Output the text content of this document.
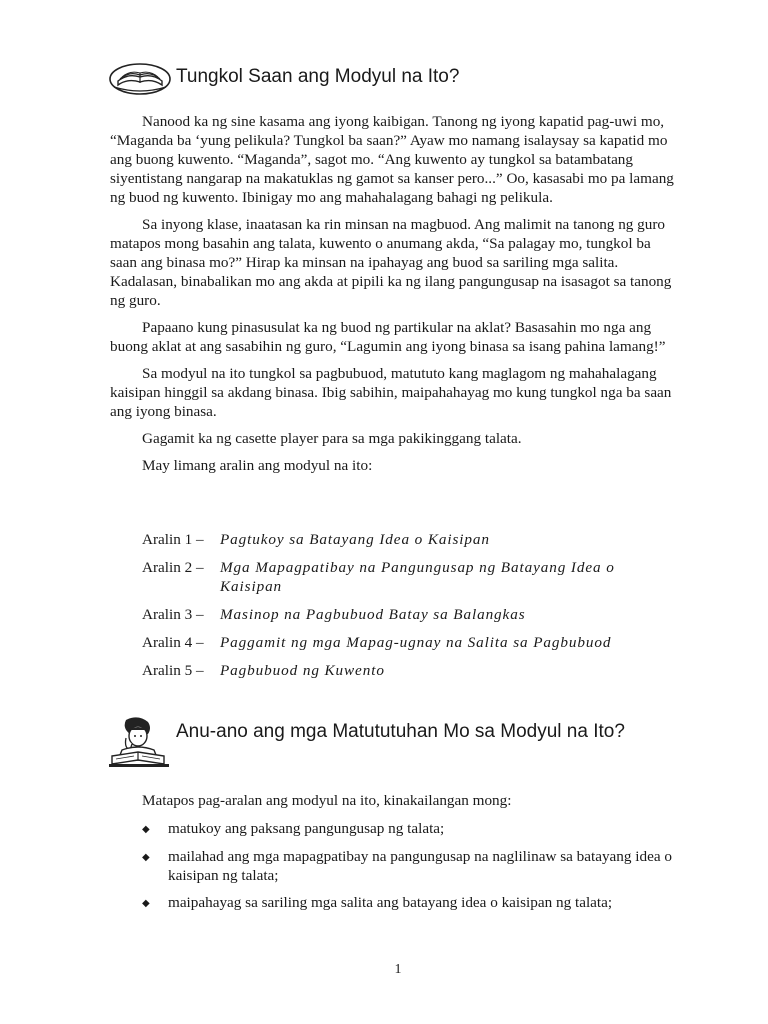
Tungkol Saan ang Modyul na Ito?

Nanood ka ng sine kasama ang iyong kaibigan. Tanong ng iyong kapatid pag-uwi mo, “Maganda ba ‘yung pelikula? Tungkol ba saan?” Ayaw mo namang isalaysay sa kapatid mo ang buong kuwento. “Maganda”, sagot mo. “Ang kuwento ay tungkol sa batambatang siyentistang nangarap na makatuklas ng gamot sa kanser pero...” Oo, kasasabi mo pa lamang ng buod ng kuwento. Ibinigay mo ang mahahalagang bahagi ng pelikula.

Sa inyong klase, inaatasan ka rin minsan na magbuod. Ang malimit na tanong ng guro matapos mong basahin ang talata, kuwento o anumang akda, “Sa palagay mo, tungkol ba saan ang binasa mo?” Hirap ka minsan na ipahayag ang buod sa sariling mga salita. Kadalasan, binabalikan mo ang akda at pipili ka ng ilang pangungusap na isasagot sa tanong ng guro.

Papaano kung pinasusulat ka ng buod ng partikular na aklat? Basasahin mo nga ang buong aklat at ang sasabihin ng guro, “Lagumin ang iyong binasa sa isang pahina lamang!”

Sa modyul na ito tungkol sa pagbubuod, matututo kang maglagom ng mahahalagang kaisipan hinggil sa akdang binasa. Ibig sabihin, maipahahayag mo kung tungkol nga ba saan ang iyong binasa.

Gagamit ka ng casette player para sa mga pakikinggang talata.

May limang aralin ang modyul na ito:

Aralin 1 –	Pagtukoy sa Batayang Idea o Kaisipan
Aralin 2 –	Mga Mapagpatibay na Pangungusap ng Batayang Idea o Kaisipan
Aralin 3 –	Masinop na Pagbubuod Batay sa Balangkas
Aralin 4 –	Paggamit ng mga Mapag-ugnay na Salita sa Pagbubuod
Aralin 5 –	Pagbubuod ng Kuwento
Anu-ano ang mga Matututuhan Mo sa Modyul na Ito?

Matapos pag-aralan ang modyul na ito, kinakailangan mong:

◆	matukoy ang paksang pangungusap ng talata;
◆	mailahad ang mga mapagpatibay na pangungusap na naglilinaw sa batayang idea o kaisipan ng talata;
◆	maipahayag sa sariling mga salita ang batayang idea o kaisipan ng talata;
1
